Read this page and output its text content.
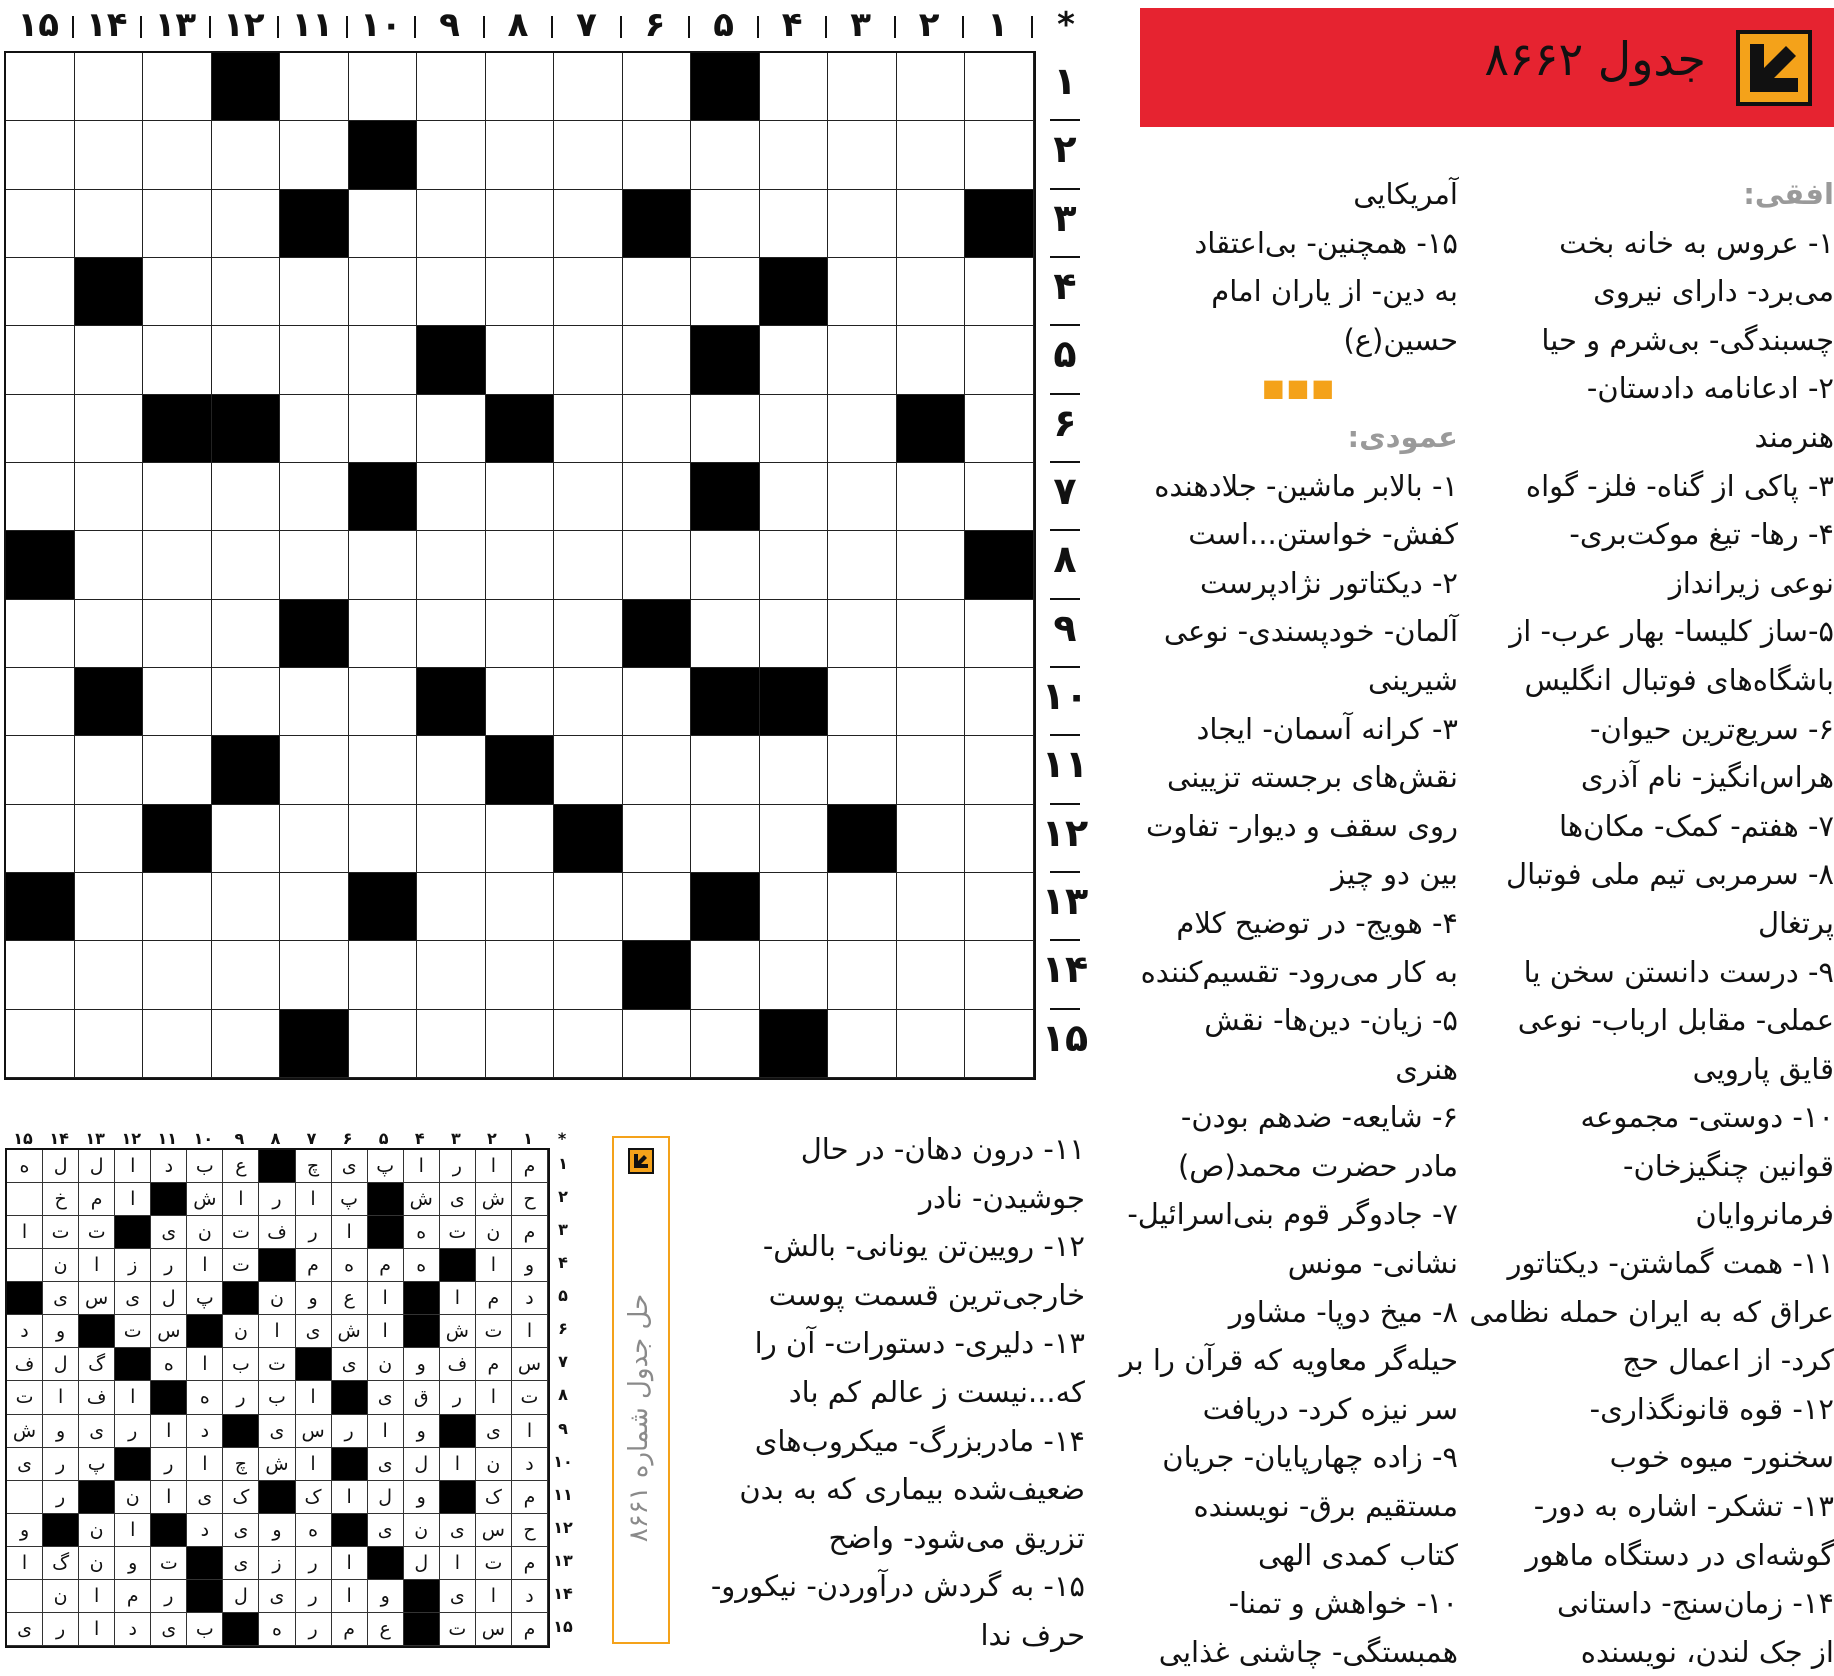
جدول ۸۶۶۲
افقی:
۱- عروس به خانه بخت
می‌برد- دارای نیروی
چسبندگی- بی‌شرم و حیا
۲- ادعانامه دادستان-
هنرمند
۳- پاکی از گناه- فلز- گواه
۴- رها- تیغ موکت‌بری-
نوعی زیرانداز
۵-ساز کلیسا- بهار عرب- از
باشگاه‌های فوتبال انگلیس
۶- سریع‌ترین حیوان-
هراس‌انگیز- نام آذری
۷- هفتم- کمک- مکان‌ها
۸- سرمربی تیم ملی فوتبال
پرتغال
۹- درست دانستن سخن یا
عملی- مقابل ارباب- نوعی
قایق پارویی
۱۰- دوستی- مجموعه
قوانین چنگیزخان-
فرمانروایان
۱۱- همت گماشتن- دیکتاتور
عراق که به ایران حمله نظامی
کرد- از اعمال حج
۱۲- قوه قانونگذاری-
سخنور- میوه خوب
۱۳- تشکر- اشاره به دور-
گوشه‌ای در دستگاه ماهور
۱۴- زمان‌سنج- داستانی
از جک لندن، نویسنده
آمریکایی
۱۵- همچنین- بی‌اعتقاد
به دین- از یاران امام
حسین(ع)
■■■
عمودی:
۱- بالابر ماشین- جلادهنده
کفش- خواستن...است
۲- دیکتاتور نژادپرست
آلمان- خودپسندی- نوعی
شیرینی
۳- کرانه آسمان- ایجاد
نقش‌های برجسته تزیینی
روی سقف و دیوار- تفاوت
بین دو چیز
۴- هویج- در توضیح کلام
به کار می‌رود- تقسیم‌کننده
۵- زیان- دین‌ها- نقش
هنری
۶- شایعه- ضدهم بودن-
مادر حضرت محمد(ص)
۷- جادوگر قوم بنی‌اسرائیل-
نشانی- مونس
۸- میخ دوپا- مشاور
حیله‌گر معاویه که قرآن را بر
سر نیزه کرد- دریافت
۹- زاده چهارپایان- جریان
مستقیم برق- نویسنده
کتاب کمدی الهی
۱۰- خواهش و تمنا-
همبستگی- چاشنی غذایی
۱۱- درون دهان- در حال
جوشیدن- نادر
۱۲- رویین‌تن یونانی- بالش-
خارجی‌ترین قسمت پوست
۱۳- دلیری- دستورات- آن را
که...نیست ز عالم کم باد
۱۴- مادربزرگ- میکروب‌های
ضعیف‌شده بیماری که به بدن
تزریق می‌شود- واضح
۱۵- به گردش درآوردن- نیکورو-
حرف ندا
*
۱
۲
۳
۴
۵
۶
۷
۸
۹
۱۰
۱۱
۱۲
۱۳
۱۴
۱۵
۱
۲
۳
۴
۵
۶
۷
۸
۹
۱۰
۱۱
۱۲
۱۳
۱۴
۱۵
*
۱
۲
۳
۴
۵
۶
۷
۸
۹
۱۰
۱۱
۱۲
۱۳
۱۴
۱۵
م
ا
ر
ا
پ
ی
چ
ع
ب
د
ا
ل
ل
ه
ح
ش
ی
ش
پ
ا
ر
ا
ش
ا
م
خ
م
ن
ت
ه
ا
ر
ف
ت
ن
ی
ت
ت
ا
و
ا
ه
م
ه
م
ت
ا
ر
ز
ا
ن
د
م
ا
ا
ع
و
ن
پ
ل
ی
س
ی
ا
ت
ش
ا
ش
ی
ا
ن
س
ت
و
د
س
م
ف
و
ن
ی
ت
ب
ا
ه
گ
ل
ف
ت
ا
ر
ق
ی
ا
ب
ر
ه
ا
ف
ا
ت
ا
ی
و
ا
ر
س
ی
د
ا
ر
ی
و
ش
د
ن
ا
ل
ی
ا
ش
چ
ا
ر
پ
ر
ی
م
ک
و
ل
ا
ک
ک
ی
ا
ن
ر
ح
س
ی
ن
ی
ه
و
ی
د
ا
ن
و
م
ت
ا
ل
ا
ر
ز
ی
ت
و
ن
گ
ا
د
ا
ی
و
ا
ر
ی
ل
ر
م
ا
ن
م
س
ت
ع
م
ر
ه
ب
ی
د
ا
ر
ی
۱
۲
۳
۴
۵
۶
۷
۸
۹
۱۰
۱۱
۱۲
۱۳
۱۴
۱۵
حل جدول شماره ۸۶۶۱
